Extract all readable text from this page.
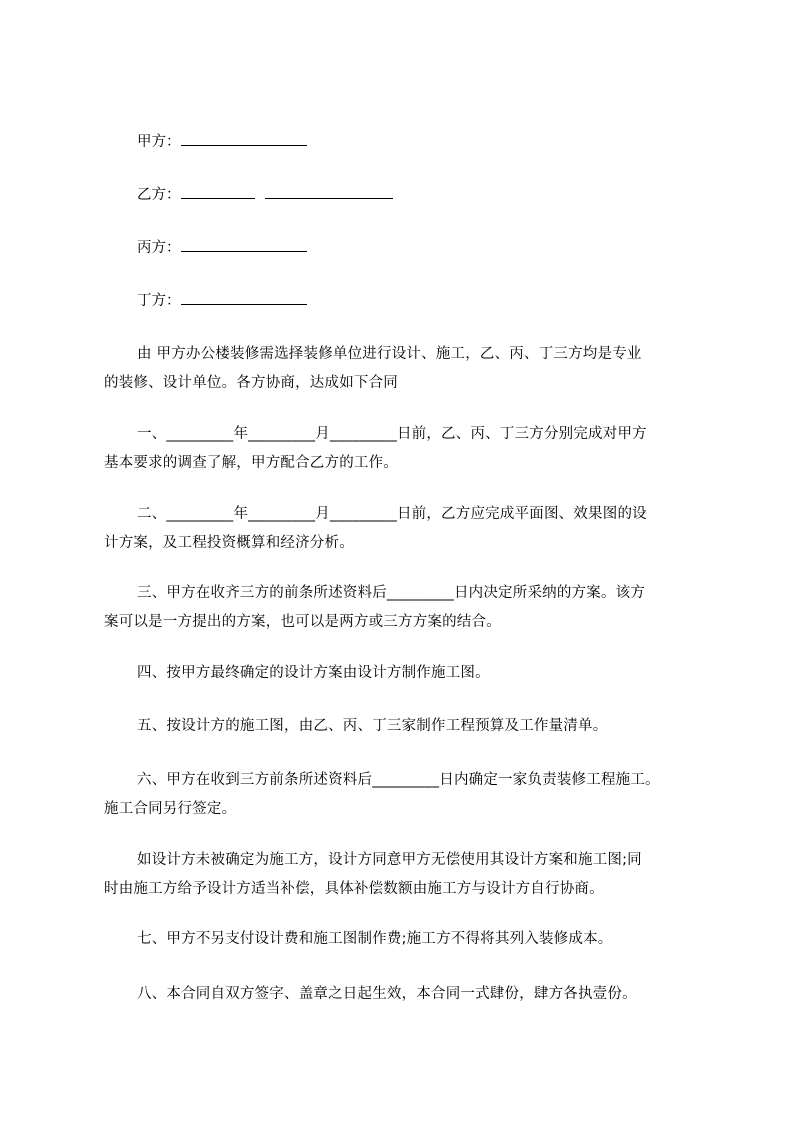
甲方：
乙方：
丙方：
丁方：

由 甲方办公楼装修需选择装修单位进行设计、施工，乙、丙、丁三方均是专业

的装修、设计单位。各方协商，达成如下合同

一、_________年_________月_________日前，乙、丙、丁三方分别完成对甲方

基本要求的调查了解，甲方配合乙方的工作。

二、_________年_________月_________日前，乙方应完成平面图、效果图的设

计方案，及工程投资概算和经济分析。

三、甲方在收齐三方的前条所述资料后_________日内决定所采纳的方案。该方

案可以是一方提出的方案，也可以是两方或三方方案的结合。

四、按甲方最终确定的设计方案由设计方制作施工图。

五、按设计方的施工图，由乙、丙、丁三家制作工程预算及工作量清单。

六、甲方在收到三方前条所述资料后_________日内确定一家负责装修工程施工。

施工合同另行签定。

如设计方未被确定为施工方，设计方同意甲方无偿使用其设计方案和施工图;同

时由施工方给予设计方适当补偿，具体补偿数额由施工方与设计方自行协商。

七、甲方不另支付设计费和施工图制作费;施工方不得将其列入装修成本。

八、本合同自双方签字、盖章之日起生效，本合同一式肆份，肆方各执壹份。
